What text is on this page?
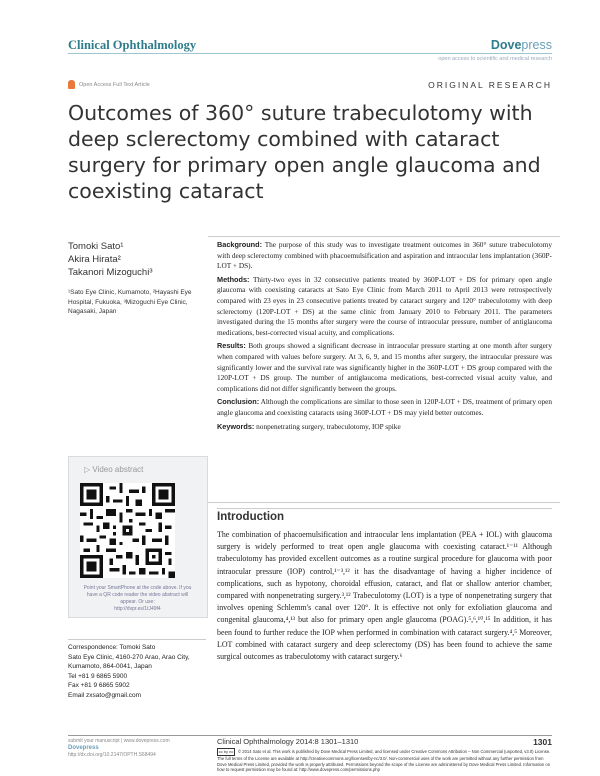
Clinical Ophthalmology	Dovepress
open access to scientific and medical research
Open Access Full Text Article	ORIGINAL RESEARCH
Outcomes of 360° suture trabeculotomy with deep sclerectomy combined with cataract surgery for primary open angle glaucoma and coexisting cataract
Tomoki Sato¹
Akira Hirata²
Takanori Mizoguchi³
¹Sato Eye Clinic, Kumamoto, ²Hayashi Eye Hospital, Fukuoka, ³Mizoguchi Eye Clinic, Nagasaki, Japan

Background: The purpose of this study was to investigate treatment outcomes in 360° suture trabeculotomy with deep sclerectomy combined with phacoemulsification and aspiration and intraocular lens implantation (360P-LOT + DS).

Methods: Thirty-two eyes in 32 consecutive patients treated by 360P-LOT + DS for primary open angle glaucoma with coexisting cataracts at Sato Eye Clinic from March 2011 to April 2013 were retrospectively compared with 23 eyes in 23 consecutive patients treated by cataract surgery and 120° trabeculotomy with deep sclerectomy (120P-LOT + DS) at the same clinic from January 2010 to February 2011. The parameters investigated during the 15 months after surgery were the course of intraocular pressure, number of antiglaucoma medications, best-corrected visual acuity, and complications.

Results: Both groups showed a significant decrease in intraocular pressure starting at one month after surgery when compared with values before surgery. At 3, 6, 9, and 15 months after surgery, the intraocular pressure was significantly lower and the survival rate was significantly higher in the 360P-LOT + DS group compared with the 120P-LOT + DS group. The number of antiglaucoma medications, best-corrected visual acuity value, and complications did not differ significantly between the groups.

Conclusion: Although the complications are similar to those seen in 120P-LOT + DS, treatment of primary open angle glaucoma and coexisting cataracts using 360P-LOT + DS may yield better outcomes.

Keywords: nonpenetrating surgery, trabeculotomy, IOP spike

▷ Video abstract
Point your SmartPhone at the code above. If you have a QR code reader the video abstract will appear. Or use:
http://dvpr.es/1tJ49f4
Correspondence: Tomoki Sato
Sato Eye Clinic, 4160-270 Arao, Arao City,
Kumamoto, 864-0041, Japan
Tel +81 9 6865 5900
Fax +81 9 6865 5902
Email zxsato@gmail.com
Introduction
The combination of phacoemulsification and intraocular lens implantation (PEA + IOL) with glaucoma surgery is widely performed to treat open angle glaucoma with coexisting cataract.¹⁻¹¹ Although trabeculotomy has provided excellent outcomes as a routine surgical procedure for glaucoma with poor intraocular pressure (IOP) control,¹⁻³,¹² it has the disadvantage of having a higher incidence of complications, such as hypotony, choroidal effusion, cataract, and flat or shallow anterior chamber, compared with nonpenetrating surgery.³,¹² Trabeculotomy (LOT) is a type of nonpenetrating surgery that involves opening Schlemm's canal over 120°. It is effective not only for exfoliation glaucoma and congenital glaucoma,⁴,¹³ but also for primary open angle glaucoma (POAG).⁵,⁶,¹⁰,¹⁵ In addition, it has been found to further reduce the IOP when performed in combination with cataract surgery.⁴,⁵ Moreover, LOT combined with cataract surgery and deep sclerectomy (DS) has been found to achieve the same surgical outcomes as trabeculotomy with cataract surgery.⁶
submit your manuscript | www.dovepress.com
Dovepress
http://dx.doi.org/10.2147/OPTH.S68494
Clinical Ophthalmology 2014:8 1301–1310	1301
cc by nc © 2014 Sato et al. This work is published by Dove Medical Press Limited, and licensed under Creative Commons Attribution – Non Commercial (unported, v3.0) License. The full terms of the License are available at http://creativecommons.org/licenses/by-nc/3.0/. Non-commercial uses of the work are permitted without any further permission from Dove Medical Press Limited, provided the work is properly attributed. Permissions beyond the scope of the License are administered by Dove Medical Press Limited. Information on how to request permission may be found at: http://www.dovepress.com/permissions.php
